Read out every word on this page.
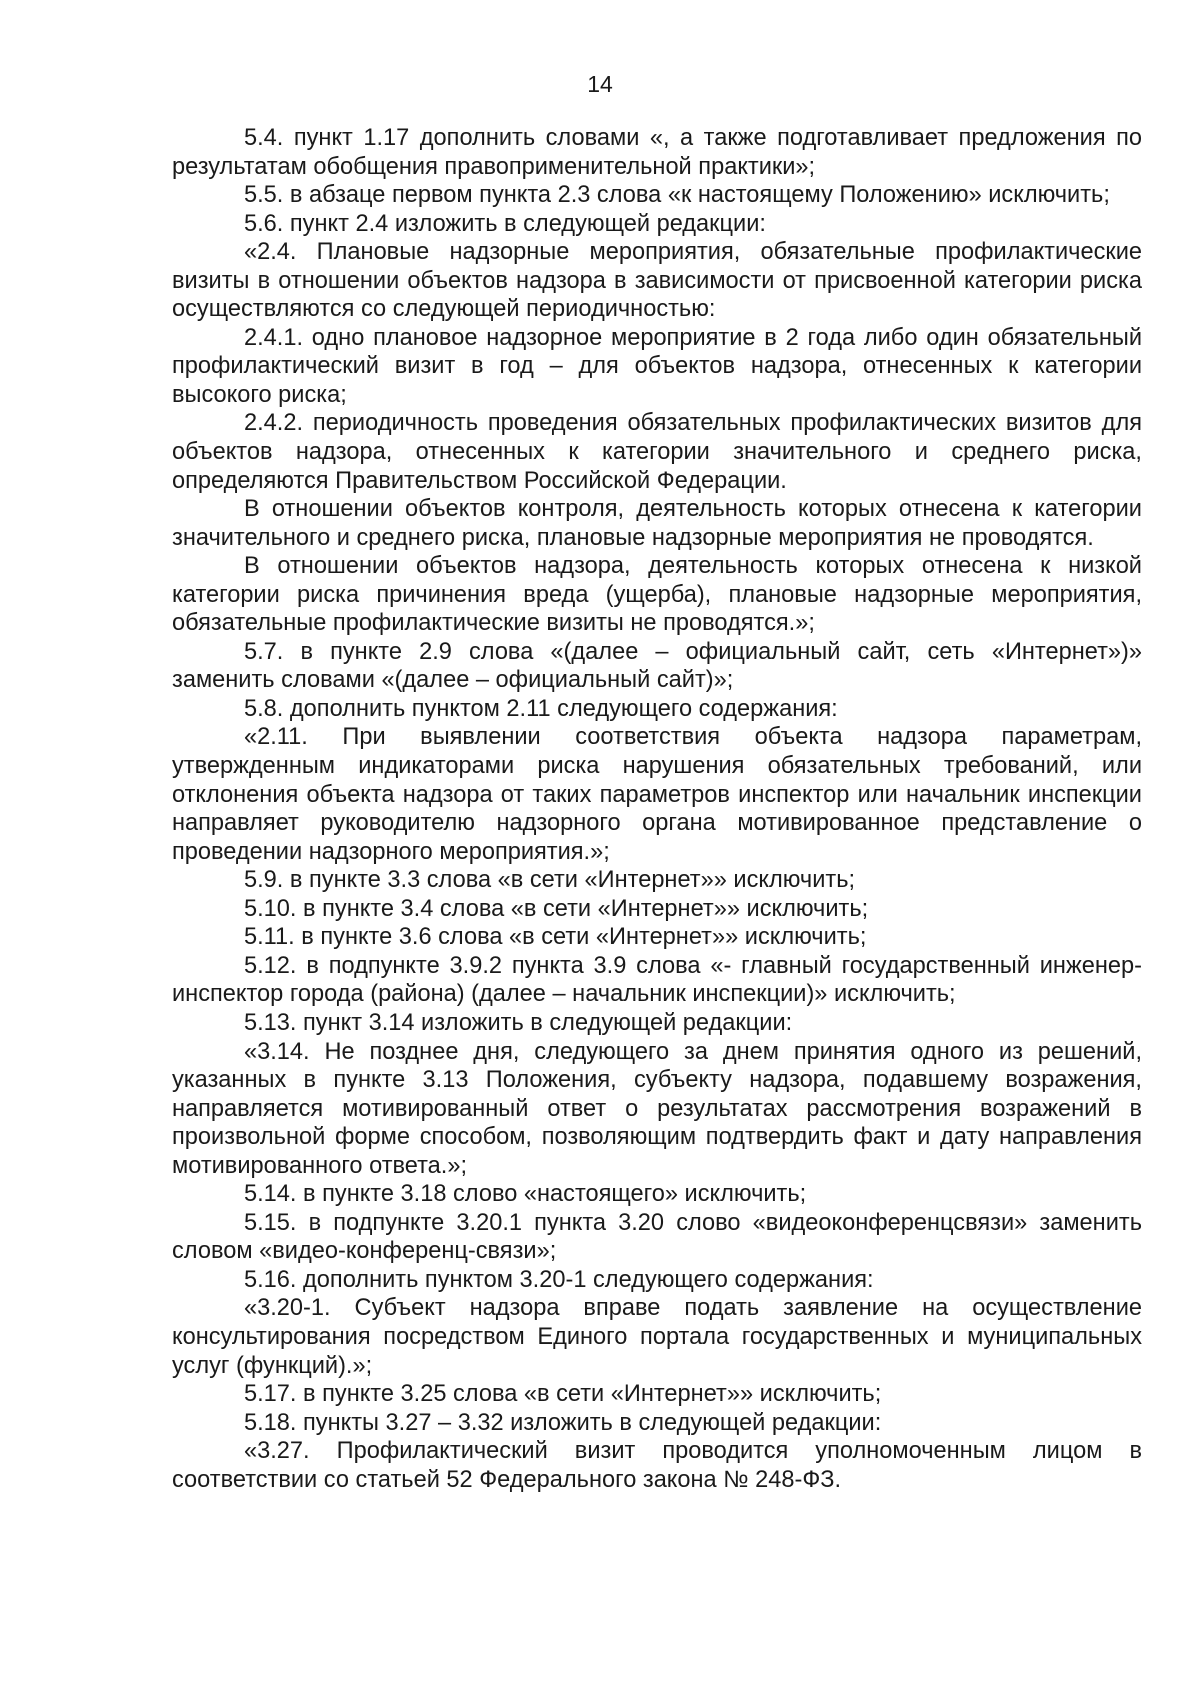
14

5.4. пункт 1.17 дополнить словами «, а также подготавливает предложения по результатам обобщения правоприменительной практики»;

5.5. в абзаце первом пункта 2.3 слова «к настоящему Положению» исключить;

5.6. пункт 2.4 изложить в следующей редакции:

«2.4. Плановые надзорные мероприятия, обязательные профилактические визиты в отношении объектов надзора в зависимости от присвоенной категории риска осуществляются со следующей периодичностью:

2.4.1. одно плановое надзорное мероприятие в 2 года либо один обязательный профилактический визит в год – для объектов надзора, отнесенных к категории высокого риска;

2.4.2. периодичность проведения обязательных профилактических визитов для объектов надзора, отнесенных к категории значительного и среднего риска, определяются Правительством Российской Федерации.

В отношении объектов контроля, деятельность которых отнесена к категории значительного и среднего риска, плановые надзорные мероприятия не проводятся.

В отношении объектов надзора, деятельность которых отнесена к низкой категории риска причинения вреда (ущерба), плановые надзорные мероприятия, обязательные профилактические визиты не проводятся.»;

5.7. в пункте 2.9 слова «(далее – официальный сайт, сеть «Интернет»)» заменить словами «(далее – официальный сайт)»;

5.8. дополнить пунктом 2.11 следующего содержания:

«2.11. При выявлении соответствия объекта надзора параметрам, утвержденным индикаторами риска нарушения обязательных требований, или отклонения объекта надзора от таких параметров инспектор или начальник инспекции направляет руководителю надзорного органа мотивированное представление о проведении надзорного мероприятия.»;

5.9. в пункте 3.3 слова «в сети «Интернет»» исключить;

5.10. в пункте 3.4 слова «в сети «Интернет»» исключить;

5.11. в пункте 3.6 слова «в сети «Интернет»» исключить;

5.12. в подпункте 3.9.2 пункта 3.9 слова «- главный государственный инженер-инспектор города (района) (далее – начальник инспекции)» исключить;

5.13. пункт 3.14 изложить в следующей редакции:

«3.14. Не позднее дня, следующего за днем принятия одного из решений, указанных в пункте 3.13 Положения, субъекту надзора, подавшему возражения, направляется мотивированный ответ о результатах рассмотрения возражений в произвольной форме способом, позволяющим подтвердить факт и дату направления мотивированного ответа.»;

5.14. в пункте 3.18 слово «настоящего» исключить;

5.15. в подпункте 3.20.1 пункта 3.20 слово «видеоконференцсвязи» заменить словом «видео-конференц-связи»;

5.16. дополнить пунктом 3.20-1 следующего содержания:

«3.20-1. Субъект надзора вправе подать заявление на осуществление консультирования посредством Единого портала государственных и муниципальных услуг (функций).»;

5.17. в пункте 3.25 слова «в сети «Интернет»» исключить;

5.18. пункты 3.27 – 3.32 изложить в следующей редакции:

«3.27. Профилактический визит проводится уполномоченным лицом в соответствии со статьей 52 Федерального закона № 248-ФЗ.
